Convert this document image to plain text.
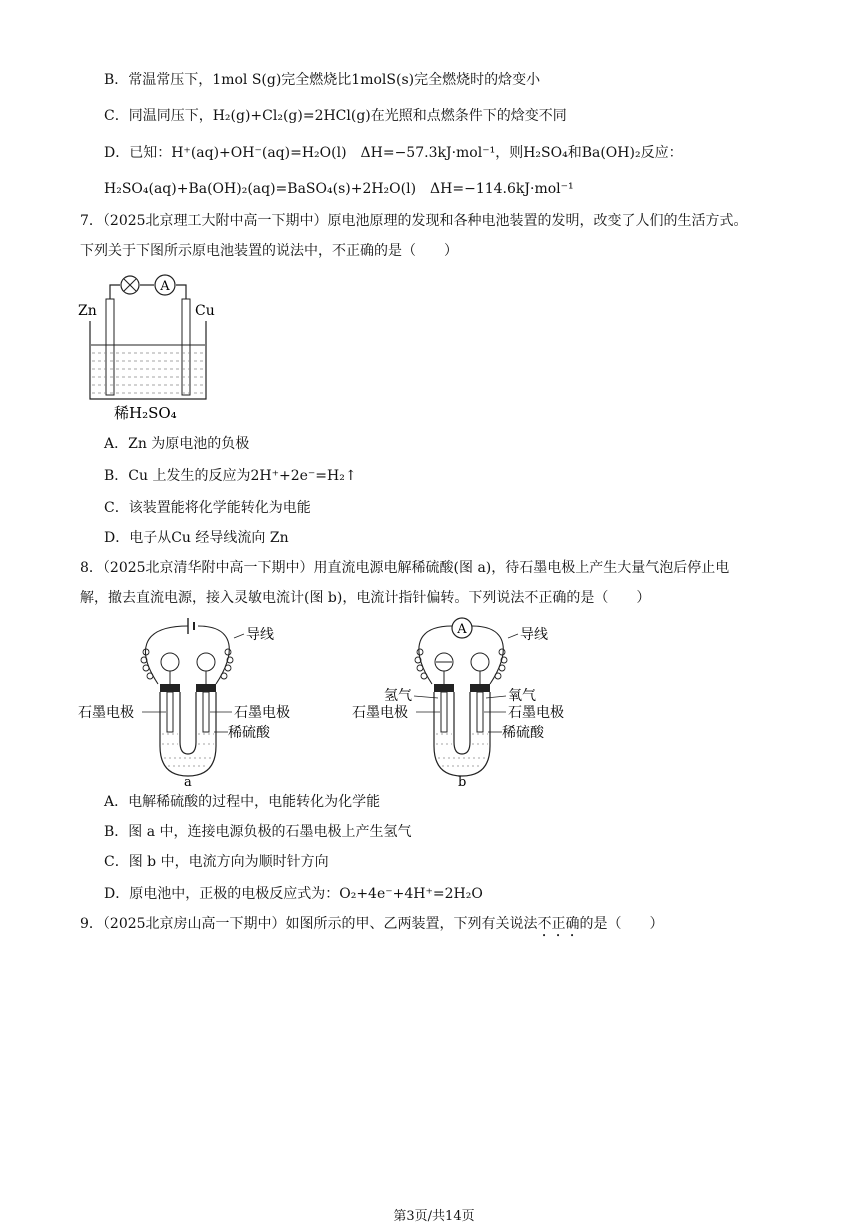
B．常温常压下，1mol S(g)完全燃烧比1molS(s)完全燃烧时的焓变小
C．同温同压下，H₂(g)+Cl₂(g)=2HCl(g)在光照和点燃条件下的焓变不同
D．已知：H⁺(aq)+OH⁻(aq)=H₂O(l)　ΔH=−57.3kJ·mol⁻¹，则H₂SO₄和Ba(OH)₂反应：
H₂SO₄(aq)+Ba(OH)₂(aq)=BaSO₄(s)+2H₂O(l)　ΔH=−114.6kJ·mol⁻¹
7．（2025北京理工大附中高一下期中）原电池原理的发现和各种电池装置的发明，改变了人们的生活方式。
下列关于下图所示原电池装置的说法中，不正确的是（　　）
A
Zn	Cu
稀H₂SO₄
A．Zn 为原电池的负极
B．Cu 上发生的反应为2H⁺+2e⁻=H₂↑
C．该装置能将化学能转化为电能
D．电子从Cu 经导线流向 Zn
8．（2025北京清华附中高一下期中）用直流电源电解稀硫酸(图 a)，待石墨电极上产生大量气泡后停止电
解，撤去直流电源，接入灵敏电流计(图 b)，电流计指针偏转。下列说法不正确的是（　　）
导线
石墨电极	石墨电极
稀硫酸
a
A	导线
氢气	氧气
石墨电极	石墨电极
稀硫酸
b
A．电解稀硫酸的过程中，电能转化为化学能
B．图 a 中，连接电源负极的石墨电极上产生氢气
C．图 b 中，电流方向为顺时针方向
D．原电池中，正极的电极反应式为：O₂+4e⁻+4H⁺=2H₂O
9．（2025北京房山高一下期中）如图所示的甲、乙两装置，下列有关说法不正确的是（　　）
第3页/共14页
